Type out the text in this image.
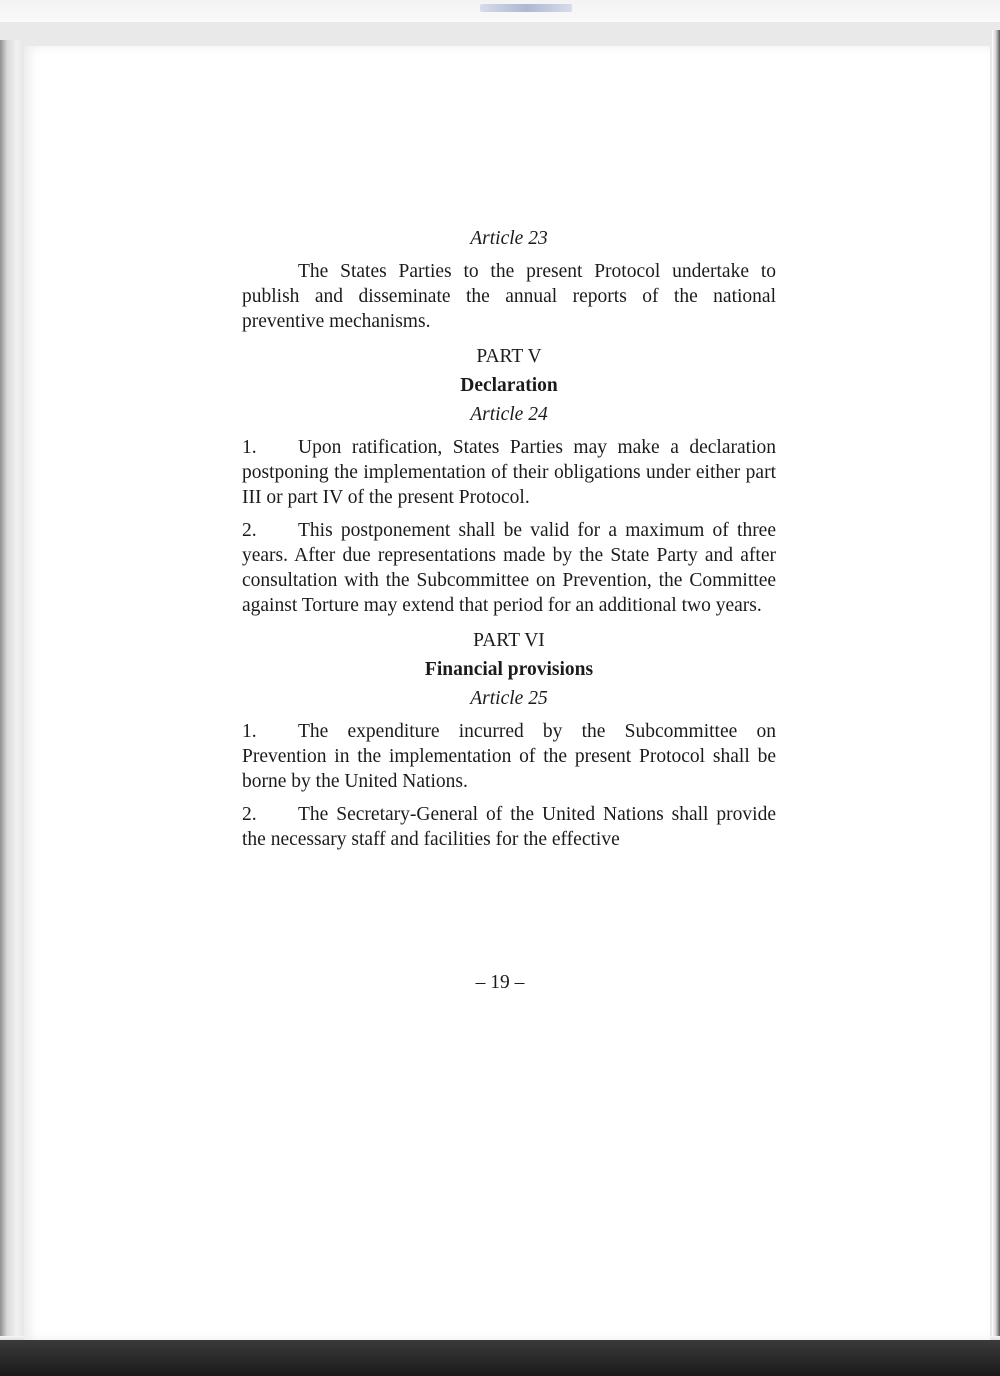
Article 23

The States Parties to the present Protocol undertake to publish and disseminate the annual reports of the national preventive mechanisms.

PART V

Declaration

Article 24

1. Upon ratification, States Parties may make a declaration postponing the implementation of their obligations under either part III or part IV of the present Protocol.

2. This postponement shall be valid for a maximum of three years. After due representations made by the State Party and after consultation with the Subcommittee on Prevention, the Committee against Torture may extend that period for an additional two years.

PART VI

Financial provisions

Article 25

1. The expenditure incurred by the Subcommittee on Prevention in the implementation of the present Protocol shall be borne by the United Nations.

2. The Secretary-General of the United Nations shall provide the necessary staff and facilities for the effective

– 19 –
